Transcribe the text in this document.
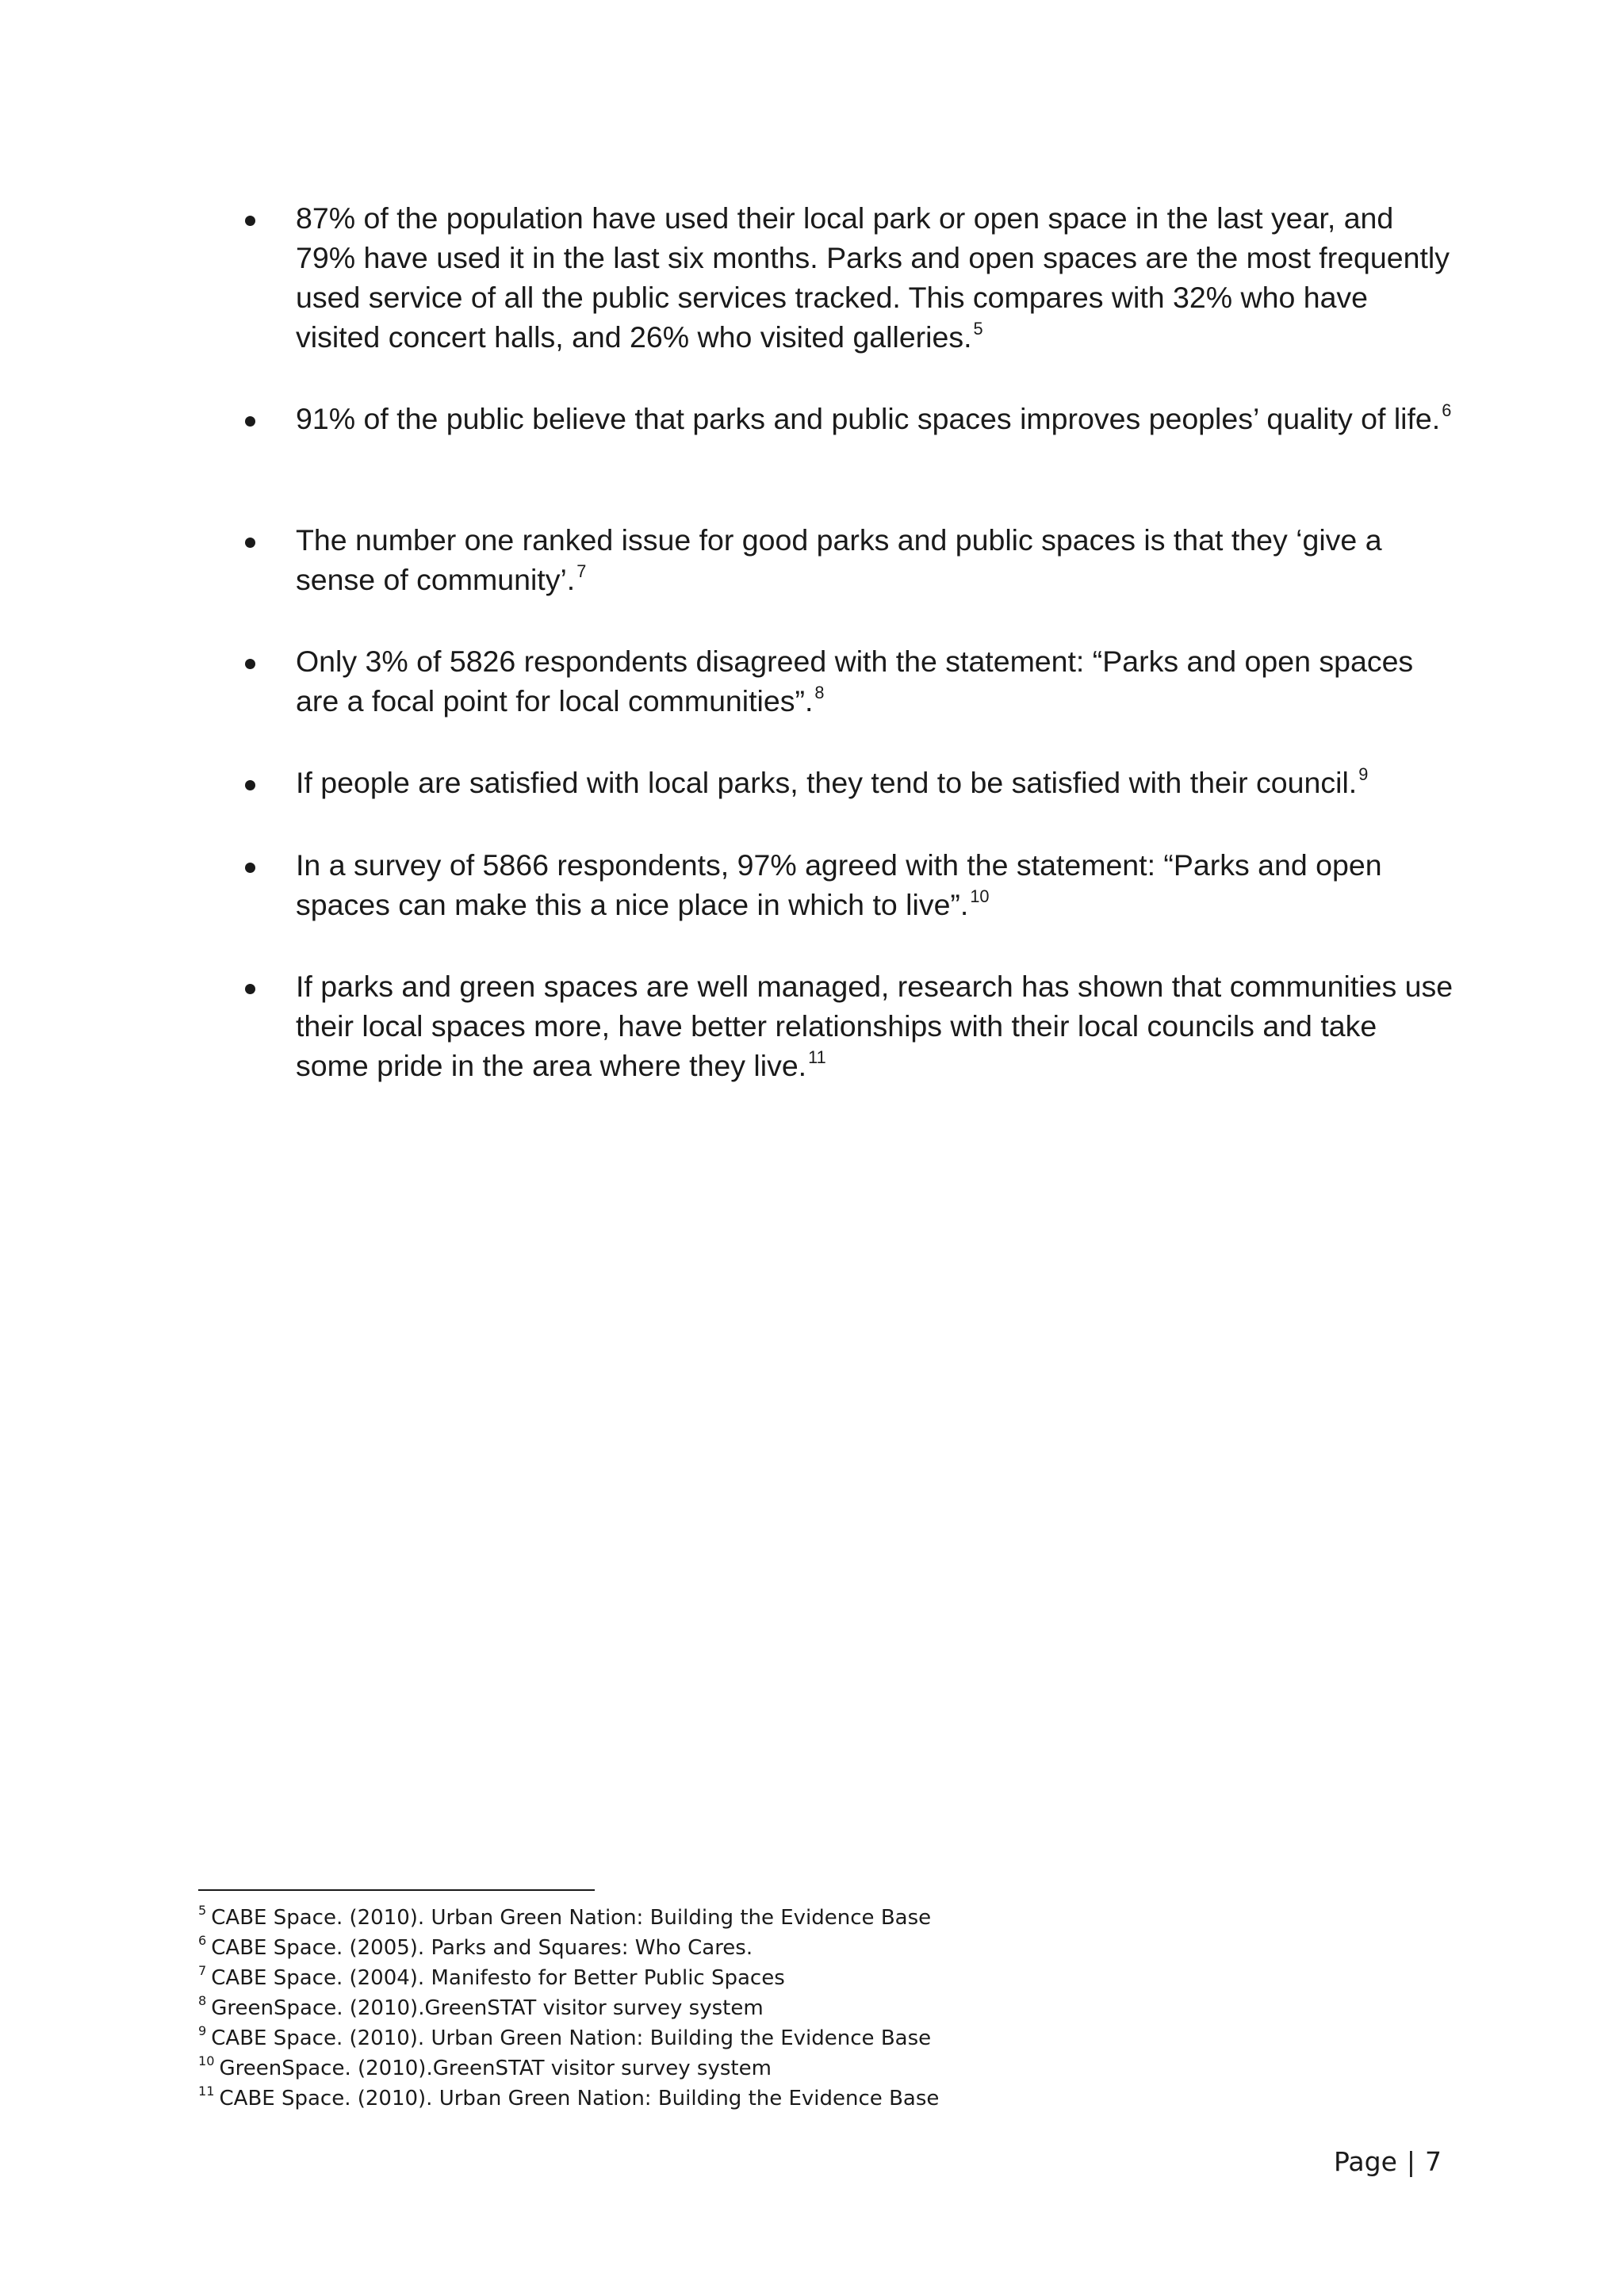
87% of the population have used their local park or open space in the last year, and 79% have used it in the last six months. Parks and open spaces are the most frequently used service of all the public services tracked. This compares with 32% who have visited concert halls, and 26% who visited galleries.$^5$

91% of the public believe that parks and public spaces improves peoples’ quality of life.$^6$

The number one ranked issue for good parks and public spaces is that they ‘give a sense of community’.$^7$

Only 3% of 5826 respondents disagreed with the statement: “Parks and open spaces are a focal point for local communities”.$^8$

If people are satisfied with local parks, they tend to be satisfied with their council.$^9$

In a survey of 5866 respondents, 97% agreed with the statement: “Parks and open spaces can make this a nice place in which to live”.$^{10}$

If parks and green spaces are well managed, research has shown that communities use their local spaces more, have better relationships with their local councils and take some pride in the area where they live.$^{11}$

$^5$ CABE Space. (2010). Urban Green Nation: Building the Evidence Base
$^6$ CABE Space. (2005). Parks and Squares: Who Cares.
$^7$ CABE Space. (2004). Manifesto for Better Public Spaces
$^8$ GreenSpace. (2010).GreenSTAT visitor survey system
$^9$ CABE Space. (2010). Urban Green Nation: Building the Evidence Base
$^{10}$ GreenSpace. (2010).GreenSTAT visitor survey system
$^{11}$ CABE Space. (2010). Urban Green Nation: Building the Evidence Base
Page | 7
